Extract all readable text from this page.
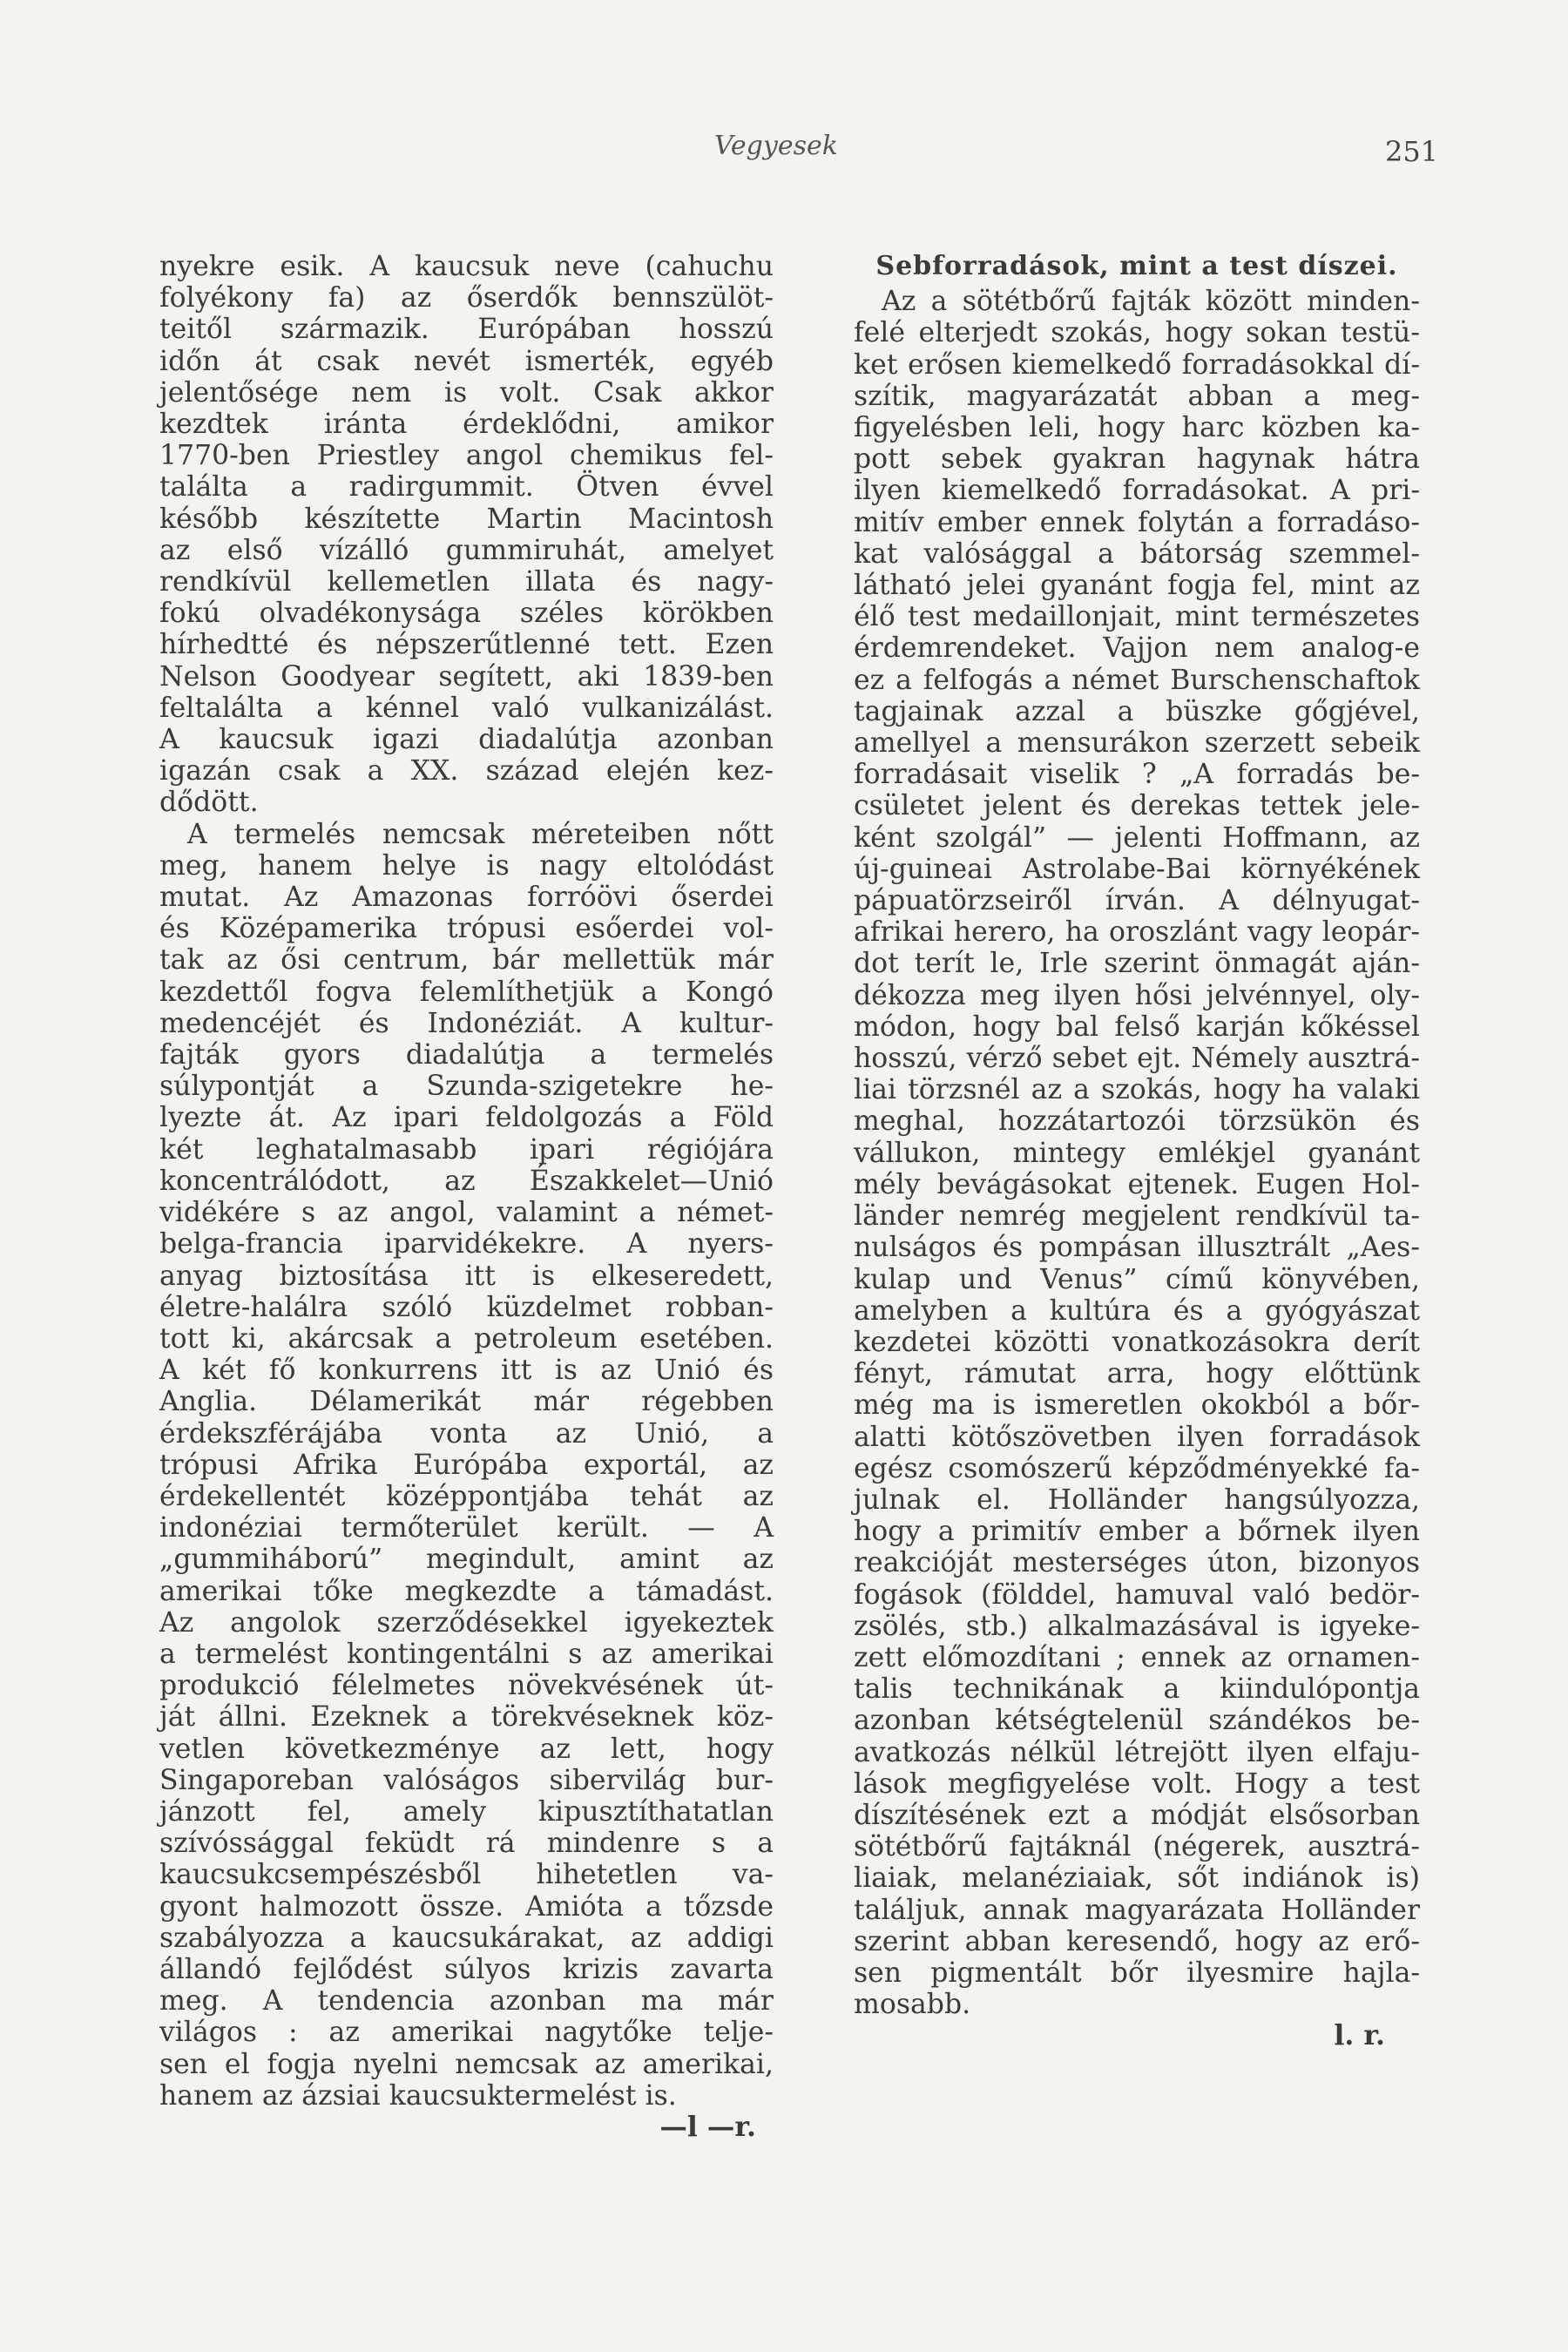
Vegyesek	251

nyekre esik. A kaucsuk neve (cahuchu
folyékony fa) az őserdők bennszülöt-
teitől származik. Európában hosszú
időn át csak nevét ismerték, egyéb
jelentősége nem is volt. Csak akkor
kezdtek iránta érdeklődni, amikor
1770-ben Priestley angol chemikus fel-
találta a radirgummit. Ötven évvel
később készítette Martin Macintosh
az első vízálló gummiruhát, amelyet
rendkívül kellemetlen illata és nagy-
fokú olvadékonysága széles körökben
hírhedtté és népszerűtlenné tett. Ezen
Nelson Goodyear segített, aki 1839-ben
feltalálta a kénnel való vulkanizálást.
A kaucsuk igazi diadalútja azonban
igazán csak a XX. század elején kez-
dődött.

A termelés nemcsak méreteiben nőtt
meg, hanem helye is nagy eltolódást
mutat. Az Amazonas forróövi őserdei
és Középamerika trópusi esőerdei vol-
tak az ősi centrum, bár mellettük már
kezdettől fogva felemlíthetjük a Kongó
medencéjét és Indonéziát. A kultur-
fajták gyors diadalútja a termelés
súlypontját a Szunda-szigetekre he-
lyezte át. Az ipari feldolgozás a Föld
két leghatalmasabb ipari régiójára
koncentrálódott, az Északkelet—Unió
vidékére s az angol, valamint a német-
belga-francia iparvidékekre. A nyers-
anyag biztosítása itt is elkeseredett,
életre-halálra szóló küzdelmet robban-
tott ki, akárcsak a petroleum esetében.
A két fő konkurrens itt is az Unió és
Anglia. Délamerikát már régebben
érdekszférájába vonta az Unió, a
trópusi Afrika Európába exportál, az
érdekellentét középpontjába tehát az
indonéziai termőterület került. — A
„gummiháború” megindult, amint az
amerikai tőke megkezdte a támadást.
Az angolok szerződésekkel igyekeztek
a termelést kontingentálni s az amerikai
produkció félelmetes növekvésének út-
ját állni. Ezeknek a törekvéseknek köz-
vetlen következménye az lett, hogy
Singaporeban valóságos sibervilág bur-
jánzott fel, amely kipusztíthatatlan
szívóssággal feküdt rá mindenre s a
kaucsukcsempészésből hihetetlen va-
gyont halmozott össze. Amióta a tőzsde
szabályozza a kaucsukárakat, az addigi
állandó fejlődést súlyos krizis zavarta
meg. A tendencia azonban ma már
világos : az amerikai nagytőke telje-
sen el fogja nyelni nemcsak az amerikai,
hanem az ázsiai kaucsuktermelést is.

—l —r.
Sebforradások, mint a test díszei.

Az a sötétbőrű fajták között minden-
felé elterjedt szokás, hogy sokan testü-
ket erősen kiemelkedő forradásokkal dí-
szítik, magyarázatát abban a meg-
figyelésben leli, hogy harc közben ka-
pott sebek gyakran hagynak hátra
ilyen kiemelkedő forradásokat. A pri-
mitív ember ennek folytán a forradáso-
kat valósággal a bátorság szemmel-
látható jelei gyanánt fogja fel, mint az
élő test medaillonjait, mint természetes
érdemrendeket. Vajjon nem analog-e
ez a felfogás a német Burschenschaftok
tagjainak azzal a büszke gőgjével,
amellyel a mensurákon szerzett sebeik
forradásait viselik ? „A forradás be-
csületet jelent és derekas tettek jele-
ként szolgál” — jelenti Hoffmann, az
új-guineai Astrolabe-Bai környékének
pápuatörzseiről írván. A délnyugat-
afrikai herero, ha oroszlánt vagy leopár-
dot terít le, Irle szerint önmagát aján-
dékozza meg ilyen hősi jelvénnyel, oly-
módon, hogy bal felső karján kőkéssel
hosszú, vérző sebet ejt. Némely ausztrá-
liai törzsnél az a szokás, hogy ha valaki
meghal, hozzátartozói törzsükön és
vállukon, mintegy emlékjel gyanánt
mély bevágásokat ejtenek. Eugen Hol-
länder nemrég megjelent rendkívül ta-
nulságos és pompásan illusztrált „Aes-
kulap und Venus” című könyvében,
amelyben a kultúra és a gyógyászat
kezdetei közötti vonatkozásokra derít
fényt, rámutat arra, hogy előttünk
még ma is ismeretlen okokból a bőr-
alatti kötőszövetben ilyen forradások
egész csomószerű képződményekké fa-
julnak el. Holländer hangsúlyozza,
hogy a primitív ember a bőrnek ilyen
reakcióját mesterséges úton, bizonyos
fogások (földdel, hamuval való bedör-
zsölés, stb.) alkalmazásával is igyeke-
zett előmozdítani ; ennek az ornamen-
talis technikának a kiindulópontja
azonban kétségtelenül szándékos be-
avatkozás nélkül létrejött ilyen elfaju-
lások megfigyelése volt. Hogy a test
díszítésének ezt a módját elsősorban
sötétbőrű fajtáknál (négerek, ausztrá-
liaiak, melanéziaiak, sőt indiánok is)
találjuk, annak magyarázata Holländer
szerint abban keresendő, hogy az erő-
sen pigmentált bőr ilyesmire hajla-
mosabb.

l. r.
